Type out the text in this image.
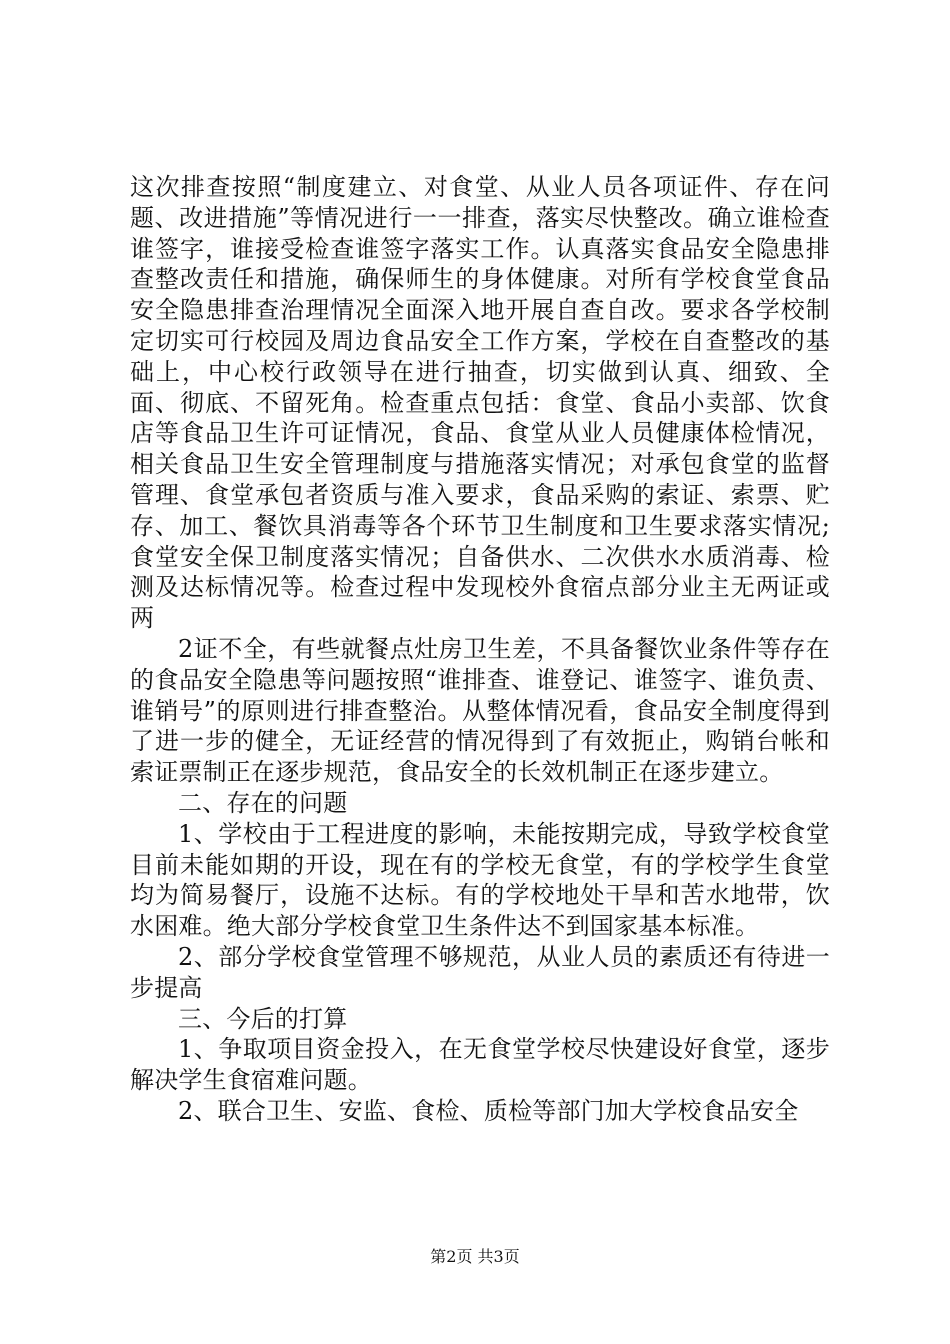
这次排查按照“制度建立、对食堂、从业人员各项证件、存在问题、改进措施”等情况进行一一排查，落实尽快整改。确立谁检查谁签字，谁接受检查谁签字落实工作。认真落实食品安全隐患排查整改责任和措施，确保师生的身体健康。对所有学校食堂食品安全隐患排查治理情况全面深入地开展自查自改。要求各学校制定切实可行校园及周边食品安全工作方案，学校在自查整改的基础上，中心校行政领导在进行抽查，切实做到认真、细致、全面、彻底、不留死角。检查重点包括：食堂、食品小卖部、饮食店等食品卫生许可证情况，食品、食堂从业人员健康体检情况，相关食品卫生安全管理制度与措施落实情况；对承包食堂的监督管理、食堂承包者资质与准入要求，食品采购的索证、索票、贮存、加工、餐饮具消毒等各个环节卫生制度和卫生要求落实情况;食堂安全保卫制度落实情况；自备供水、二次供水水质消毒、检测及达标情况等。检查过程中发现校外食宿点部分业主无两证或两

2证不全，有些就餐点灶房卫生差，不具备餐饮业条件等存在的食品安全隐患等问题按照“谁排查、谁登记、谁签字、谁负责、谁销号”的原则进行排查整治。从整体情况看，食品安全制度得到了进一步的健全，无证经营的情况得到了有效扼止，购销台帐和索证票制正在逐步规范，食品安全的长效机制正在逐步建立。

二、存在的问题

1、学校由于工程进度的影响，未能按期完成，导致学校食堂目前未能如期的开设，现在有的学校无食堂，有的学校学生食堂均为简易餐厅，设施不达标。有的学校地处干旱和苦水地带，饮水困难。绝大部分学校食堂卫生条件达不到国家基本标准。

2、部分学校食堂管理不够规范，从业人员的素质还有待进一步提高

三、今后的打算

1、争取项目资金投入，在无食堂学校尽快建设好食堂，逐步解决学生食宿难问题。

2、联合卫生、安监、食检、质检等部门加大学校食品安全

第2页 共3页
